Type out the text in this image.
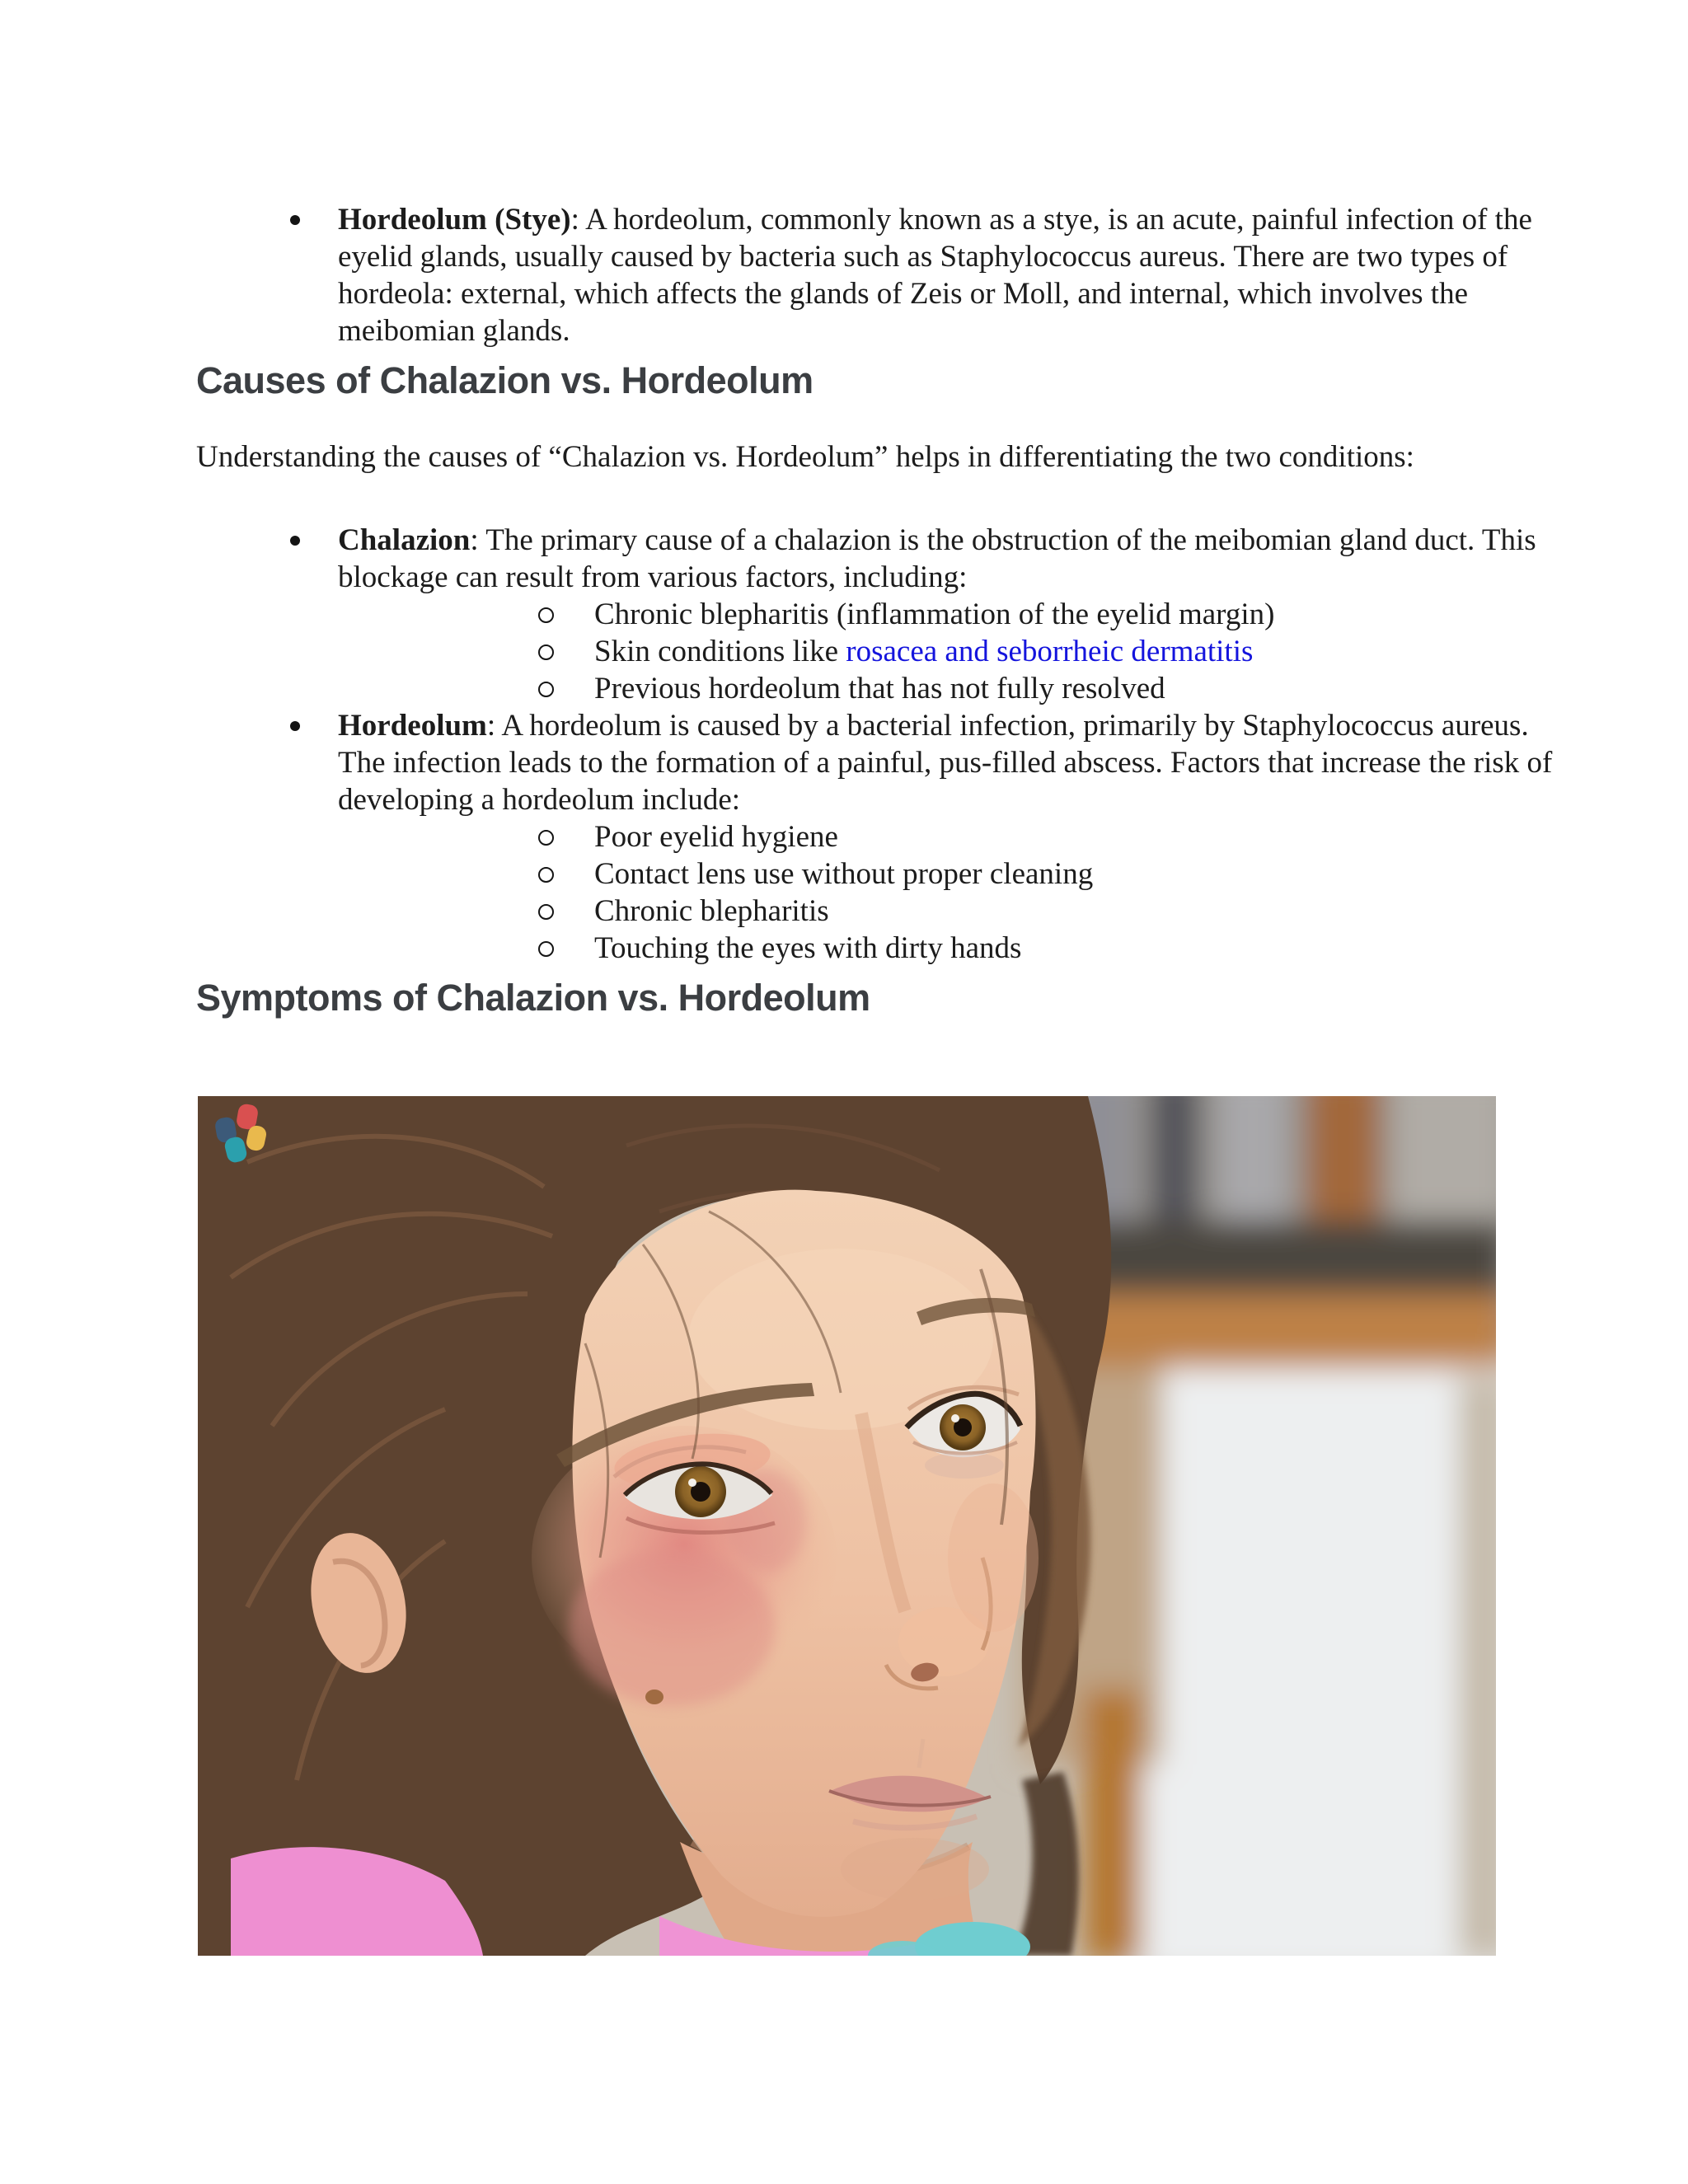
Hordeolum (Stye): A hordeolum, commonly known as a stye, is an acute, painful infection of the eyelid glands, usually caused by bacteria such as Staphylococcus aureus. There are two types of hordeola: external, which affects the glands of Zeis or Moll, and internal, which involves the meibomian glands.
Causes of Chalazion vs. Hordeolum

Understanding the causes of “Chalazion vs. Hordeolum” helps in differentiating the two conditions:

Chalazion: The primary cause of a chalazion is the obstruction of the meibomian gland duct. This blockage can result from various factors, including:
Chronic blepharitis (inflammation of the eyelid margin)
Skin conditions like rosacea and seborrheic dermatitis
Previous hordeolum that has not fully resolved
Hordeolum: A hordeolum is caused by a bacterial infection, primarily by Staphylococcus aureus. The infection leads to the formation of a painful, pus-filled abscess. Factors that increase the risk of developing a hordeolum include:
Poor eyelid hygiene
Contact lens use without proper cleaning
Chronic blepharitis
Touching the eyes with dirty hands
Symptoms of Chalazion vs. Hordeolum
